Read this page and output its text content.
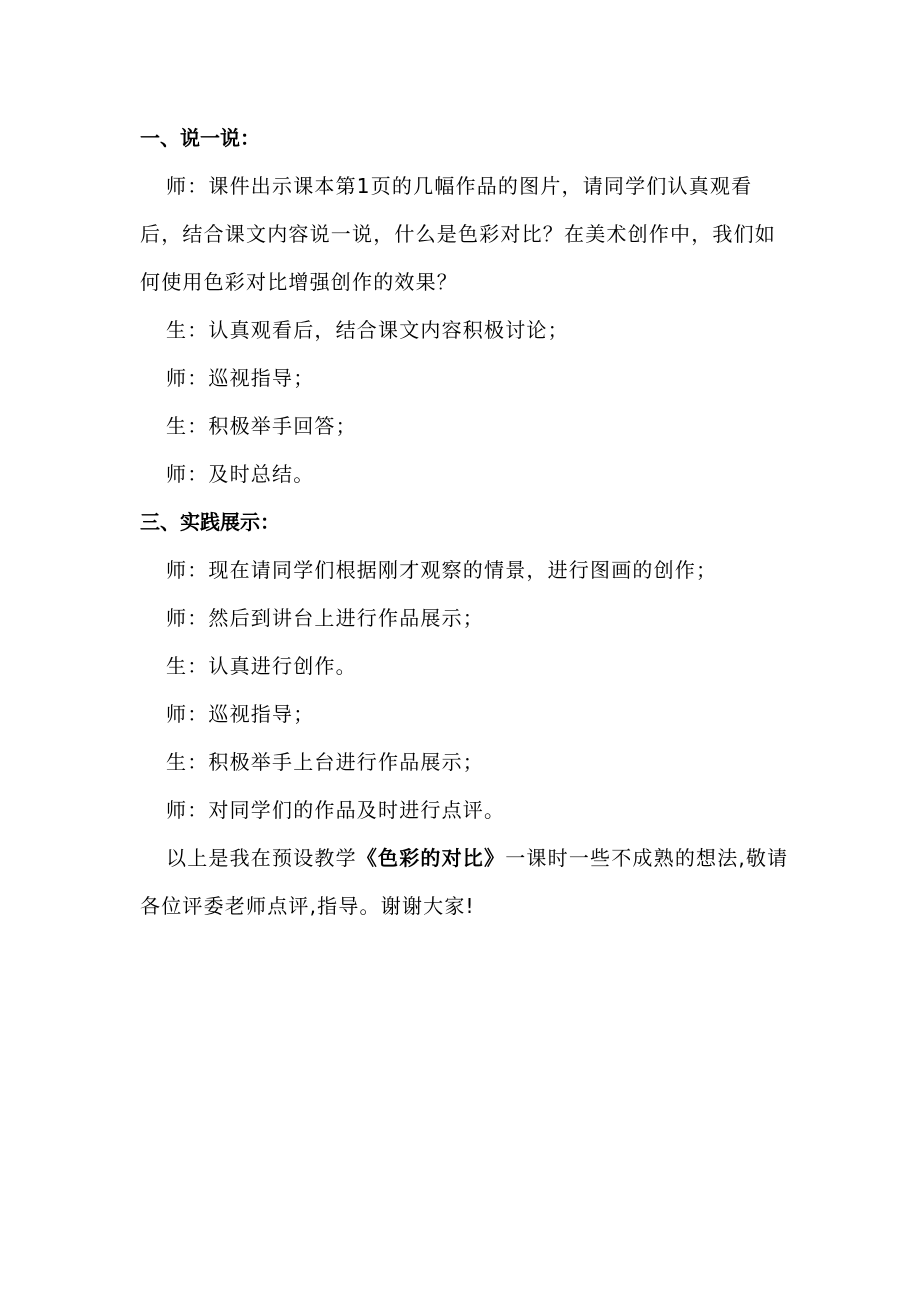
一、说一说：

师：课件出示课本第1页的几幅作品的图片，请同学们认真观看后，结合课文内容说一说，什么是色彩对比？在美术创作中，我们如何使用色彩对比增强创作的效果？

生：认真观看后，结合课文内容积极讨论；

师：巡视指导；

生：积极举手回答；

师：及时总结。

三、实践展示：

师：现在请同学们根据刚才观察的情景，进行图画的创作；

师：然后到讲台上进行作品展示；

生：认真进行创作。

师：巡视指导；

生：积极举手上台进行作品展示；

师：对同学们的作品及时进行点评。

以上是我在预设教学《色彩的对比》一课时一些不成熟的想法,敬请各位评委老师点评,指导。谢谢大家!
